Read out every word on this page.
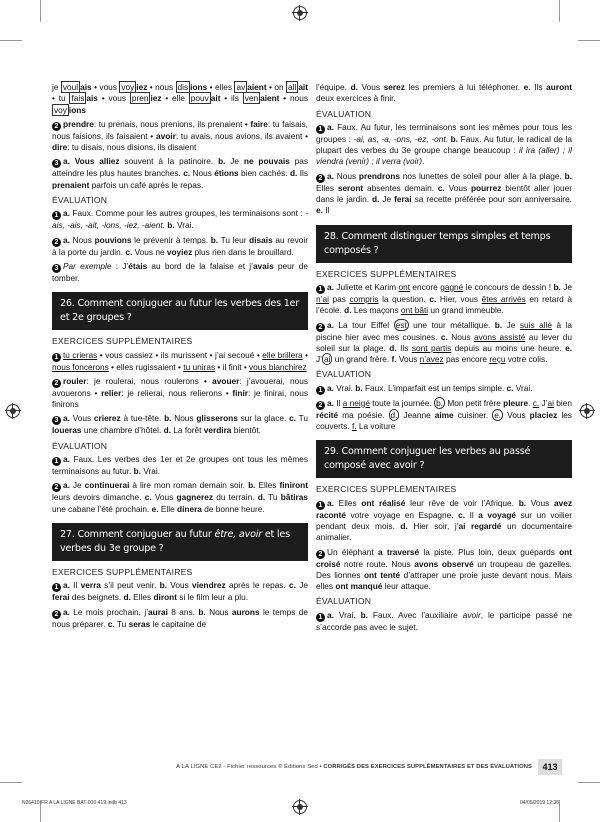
je voul ais • vous voy iez • nous dis ions • elles av aient • on all ait • tu fais ais • vous pren iez • elle pouv ait • ils ven aient • nous voy ions

2 prendre: tu prenais, nous prenions, ils prenaient • faire: tu faisais, nous faisions, ils faisaient • avoir: tu avais, nous avions, ils avaient • dire: tu disais, nous disions, ils disaient

3 a. Vous alliez souvent à la patinoire. b. Je ne pouvais pas atteindre les plus hautes branches. c. Nous étions bien cachés. d. Ils prenaient parfois un café après le repas.

ÉVALUATION

1 a. Faux. Comme pour les autres groupes, les terminaisons sont : -ais, -ais, -ait, -ions, -iez, -aient. b. Vrai.

2 a. Nous pouvions le prévenir à temps. b. Tu leur disais au revoir à la porte du jardin. c. Vous ne voyiez plus rien dans le brouillard.

3 Par exemple : J’étais au bord de la falaise et j’avais peur de tomber.

26. Comment conjuguer au futur les verbes des 1er et 2e groupes ?
EXERCICES SUPPLÉMENTAIRES

1 tu crieras • vous cassiez • ils murissent • j’ai secoué • elle brillera • nous foncerons • elles rugissaient • tu uniras • il finit • vous blanchirez

2 rouler: je roulerai, nous roulerons • avouer: j’avouerai, nous avouerons • relier: je relierai, nous relierons • finir: je finirai, nous finirons

3 a. Vous crierez à tue-tête. b. Nous glisserons sur la glace. c. Tu loueras une chambre d’hôtel. d. La forêt verdira bientôt.

ÉVALUATION

1 a. Faux. Les verbes des 1er et 2e groupes ont tous les mêmes terminaisons au futur. b. Vrai.

2 a. Je continuerai à lire mon roman demain soir. b. Elles finiront leurs devoirs dimanche. c. Vous gagnerez du terrain. d. Tu bâtiras une cabane l’été prochain. e. Elle dinera de bonne heure.

27. Comment conjuguer au futur être, avoir et les verbes du 3e groupe ?
EXERCICES SUPPLÉMENTAIRES

1 a. Il verra s’il peut venir. b. Vous viendrez après le repas. c. Je ferai des beignets. d. Elles diront si le film leur a plu.

2 a. Le mois prochain, j’aurai 8 ans. b. Nous aurons le temps de nous préparer. c. Tu seras le capitaine de

l’équipe. d. Vous serez les premiers à lui téléphoner. e. Ils auront deux exercices à finir.

ÉVALUATION

1 a. Faux. Au futur, les terminaisons sont les mêmes pour tous les groupes : -ai, as, -a, -ons, -ez, -ont. b. Faux. Au futur, le radical de la plupart des verbes du 3e groupe change beaucoup : il ira (aller) ; il viendra (venir) ; il verra (voir).

2 a. Nous prendrons nos lunettes de soleil pour aller à la plage. b. Elles seront absentes demain. c. Vous pourrez bientôt aller jouer dans le jardin. d. Je ferai sa recette préférée pour son anniversaire. e. Il

28. Comment distinguer temps simples et temps composés ?
EXERCICES SUPPLÉMENTAIRES

1 a. Juliette et Karim ont encore gagné le concours de dessin ! b. Je n’ai pas compris la question. c. Hier, vous êtes arrivés en retard à l’école. d. Les maçons ont bâti un grand immeuble.

2 a. La tour Eiffel est une tour métallique. b. Je suis allé à la piscine hier avec mes cousines. c. Nous avons assisté au lever du soleil sur la plage. d. Ils sont partis depuis au moins une heure. e. J’ ai un grand frère. f. Vous n’avez pas encore reçu votre colis.

ÉVALUATION

1 a. Vrai. b. Faux. L’imparfait est un temps simple. c. Vrai.

2 a. Il a neigé toute la journée. b. Mon petit frère pleure. c. J’ai bien récité ma poésie. d. Jeanne aime cuisiner. e. Vous placiez les couverts. f. La voiture

29. Comment conjuguer les verbes au passé composé avec avoir ?
EXERCICES SUPPLÉMENTAIRES

1 a. Elles ont réalisé leur rêve de voir l’Afrique. b. Vous avez raconté votre voyage en Espagne. c. Il a voyagé sur un voilier pendant deux mois. d. Hier soir, j’ai regardé un documentaire animalier.

2 Un éléphant a traversé la piste. Plus loin, deux guépards ont croisé notre route. Nous avons observé un troupeau de gazelles. Des lionnes ont tenté d’attraper une proie juste devant nous. Mais elles ont manqué leur attaque.

ÉVALUATION

1 a. Vrai. b. Faux. Avec l’auxiliaire avoir, le participe passé ne s’accorde pas avec le sujet.

À LA LIGNE CE2 - Fichier ressources © Éditions Sed • CORRIGÉS DES EXERCICES SUPPLÉMENTAIRES ET DES ÉVALUATIONS	413
N26410-FR A LA LIGNE BAT-000-419.indb 413	04/05/2019 12:38
